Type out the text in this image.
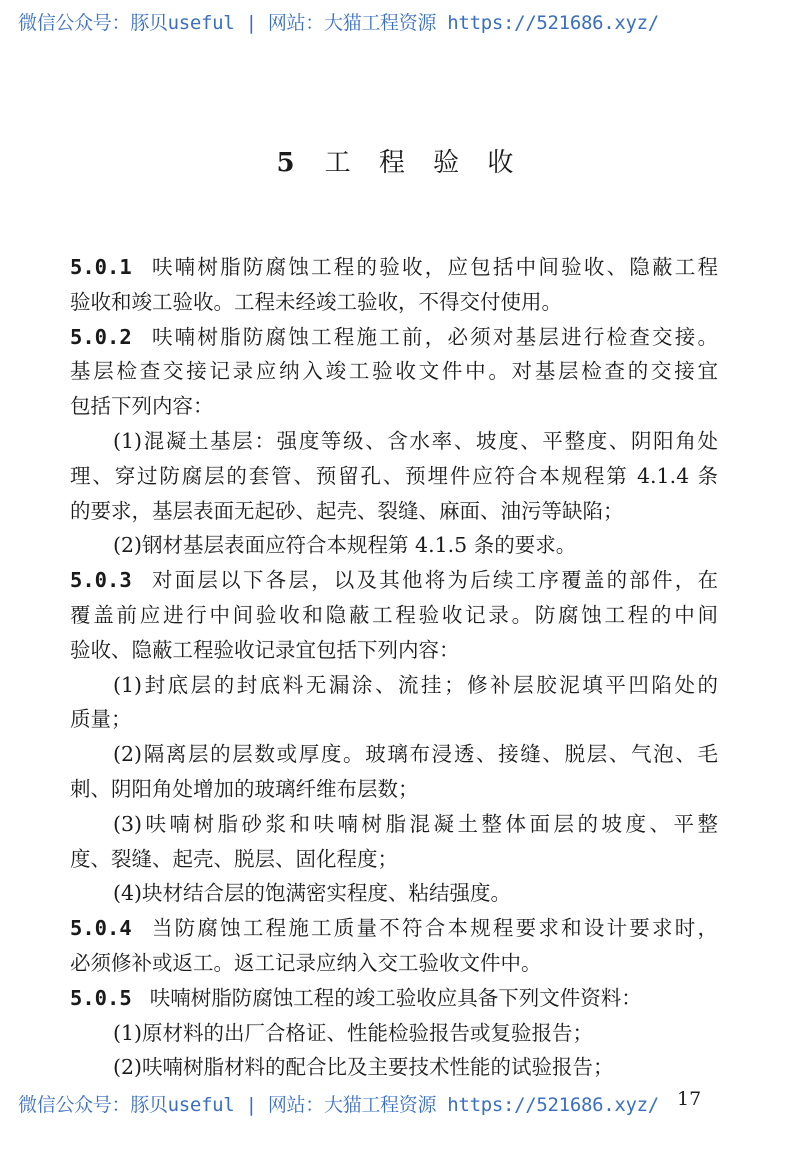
微信公众号：豚贝useful | 网站：大猫工程资源 https://521686.xyz/
5 工 程 验 收
5.0.1 呋喃树脂防腐蚀工程的验收，应包括中间验收、隐蔽工程
验收和竣工验收。工程未经竣工验收，不得交付使用。
5.0.2 呋喃树脂防腐蚀工程施工前，必须对基层进行检查交接。
基层检查交接记录应纳入竣工验收文件中。对基层检查的交接宜
包括下列内容：
(1)混凝土基层：强度等级、含水率、坡度、平整度、阴阳角处
理、穿过防腐层的套管、预留孔、预埋件应符合本规程第 4.1.4 条
的要求，基层表面无起砂、起壳、裂缝、麻面、油污等缺陷；
(2)钢材基层表面应符合本规程第 4.1.5 条的要求。
5.0.3 对面层以下各层，以及其他将为后续工序覆盖的部件，在
覆盖前应进行中间验收和隐蔽工程验收记录。防腐蚀工程的中间
验收、隐蔽工程验收记录宜包括下列内容：
(1)封底层的封底料无漏涂、流挂；修补层胶泥填平凹陷处的
质量；
(2)隔离层的层数或厚度。玻璃布浸透、接缝、脱层、气泡、毛
刺、阴阳角处增加的玻璃纤维布层数；
(3)呋喃树脂砂浆和呋喃树脂混凝土整体面层的坡度、平整
度、裂缝、起壳、脱层、固化程度；
(4)块材结合层的饱满密实程度、粘结强度。
5.0.4 当防腐蚀工程施工质量不符合本规程要求和设计要求时，
必须修补或返工。返工记录应纳入交工验收文件中。
5.0.5 呋喃树脂防腐蚀工程的竣工验收应具备下列文件资料：
(1)原材料的出厂合格证、性能检验报告或复验报告；
(2)呋喃树脂材料的配合比及主要技术性能的试验报告；
微信公众号：豚贝useful | 网站：大猫工程资源 https://521686.xyz/ 17
